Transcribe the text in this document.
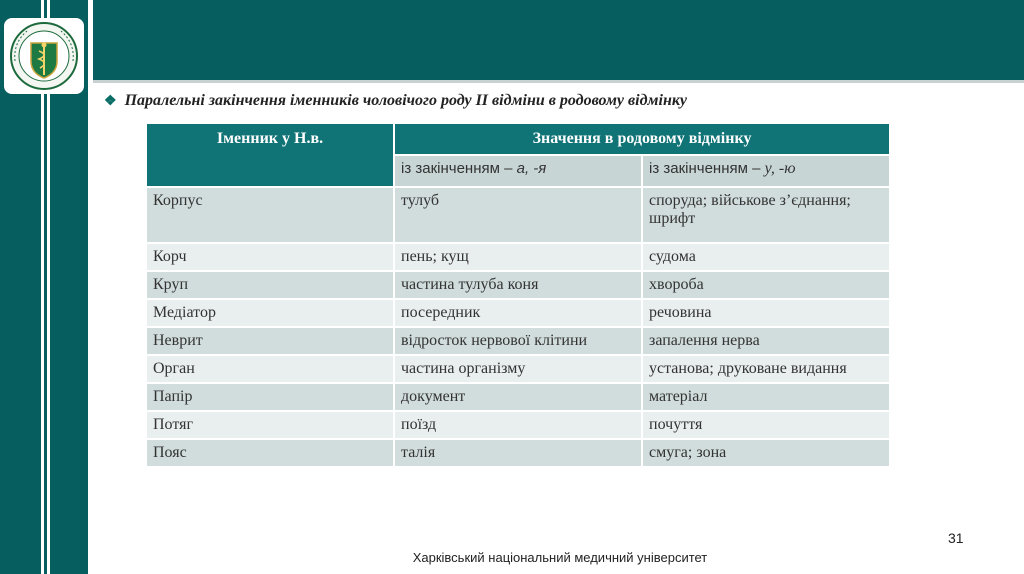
❖ Паралельні закінчення іменників чоловічого роду ІІ відміни в родовому відмінку
Іменник у Н.в.	Значення в родовому відмінку	
	із закінченням – а, -я	із закінченням – у, -ю
Корпус	тулуб	споруда; військове з’єднання; шрифт
Корч	пень; кущ	судома
Круп	частина тулуба коня	хвороба
Медіатор	посередник	речовина
Неврит	відросток нервової клітини	запалення нерва
Орган	частина організму	установа; друковане видання
Папір	документ	матеріал
Потяг	поїзд	почуття
Пояс	талія	смуга; зона
31
Харківський національний медичний університет
